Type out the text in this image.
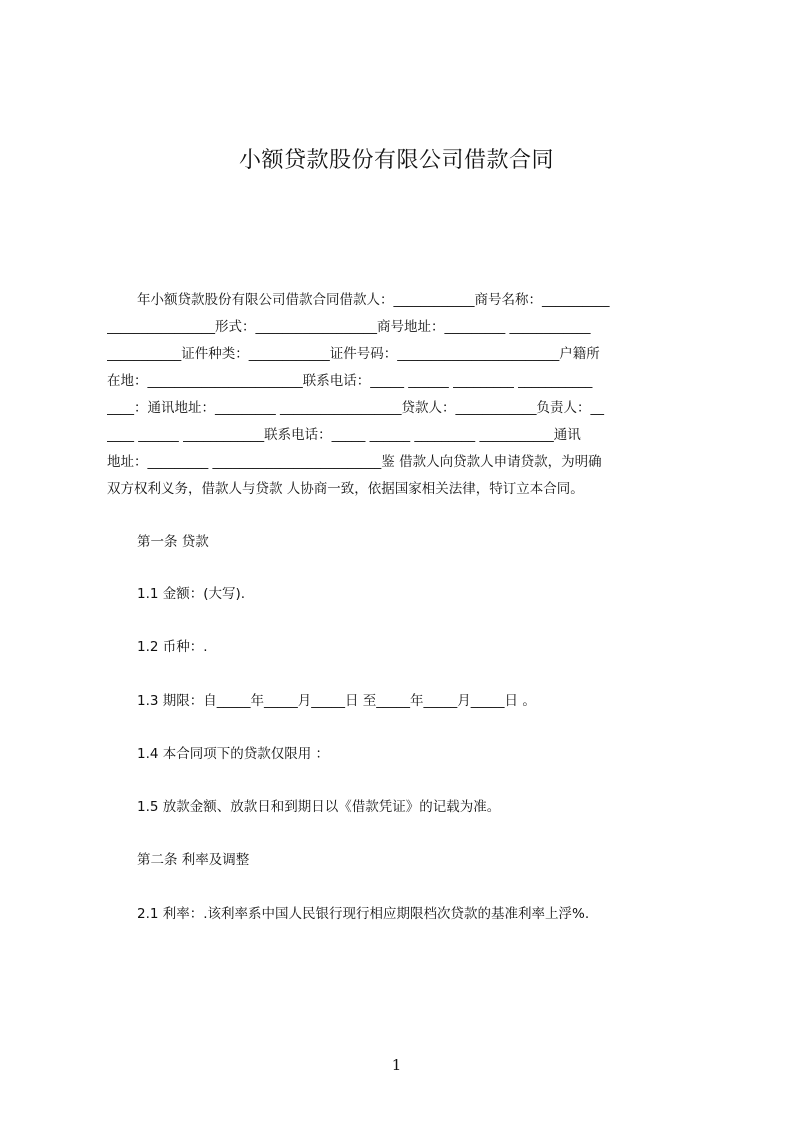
小额贷款股份有限公司借款合同
年小额贷款股份有限公司借款合同借款人：____________商号名称：__________
________________形式：__________________商号地址：_________ ____________
___________证件种类：____________证件号码：________________________户籍所
在地：_______________________联系电话：_____ ______ _________ ___________
____：通讯地址：_________ __________________贷款人：____________负责人：__
____ ______ ____________联系电话：_____ ______ _________ ___________通讯
地址：_________ _________________________鉴 借款人向贷款人申请贷款，为明确
双方权利义务，借款人与贷款 人协商一致，依据国家相关法律，特订立本合同。
第一条 贷款
1.1 金额：(大写).
1.2 币种：.
1.3 期限：自_____年_____月_____日 至_____年_____月_____日 。
1.4 本合同项下的贷款仅限用 ：
1.5 放款金额、放款日和到期日以《借款凭证》的记载为准。
第二条 利率及调整
2.1 利率：.该利率系中国人民银行现行相应期限档次贷款的基准利率上浮%.
1
